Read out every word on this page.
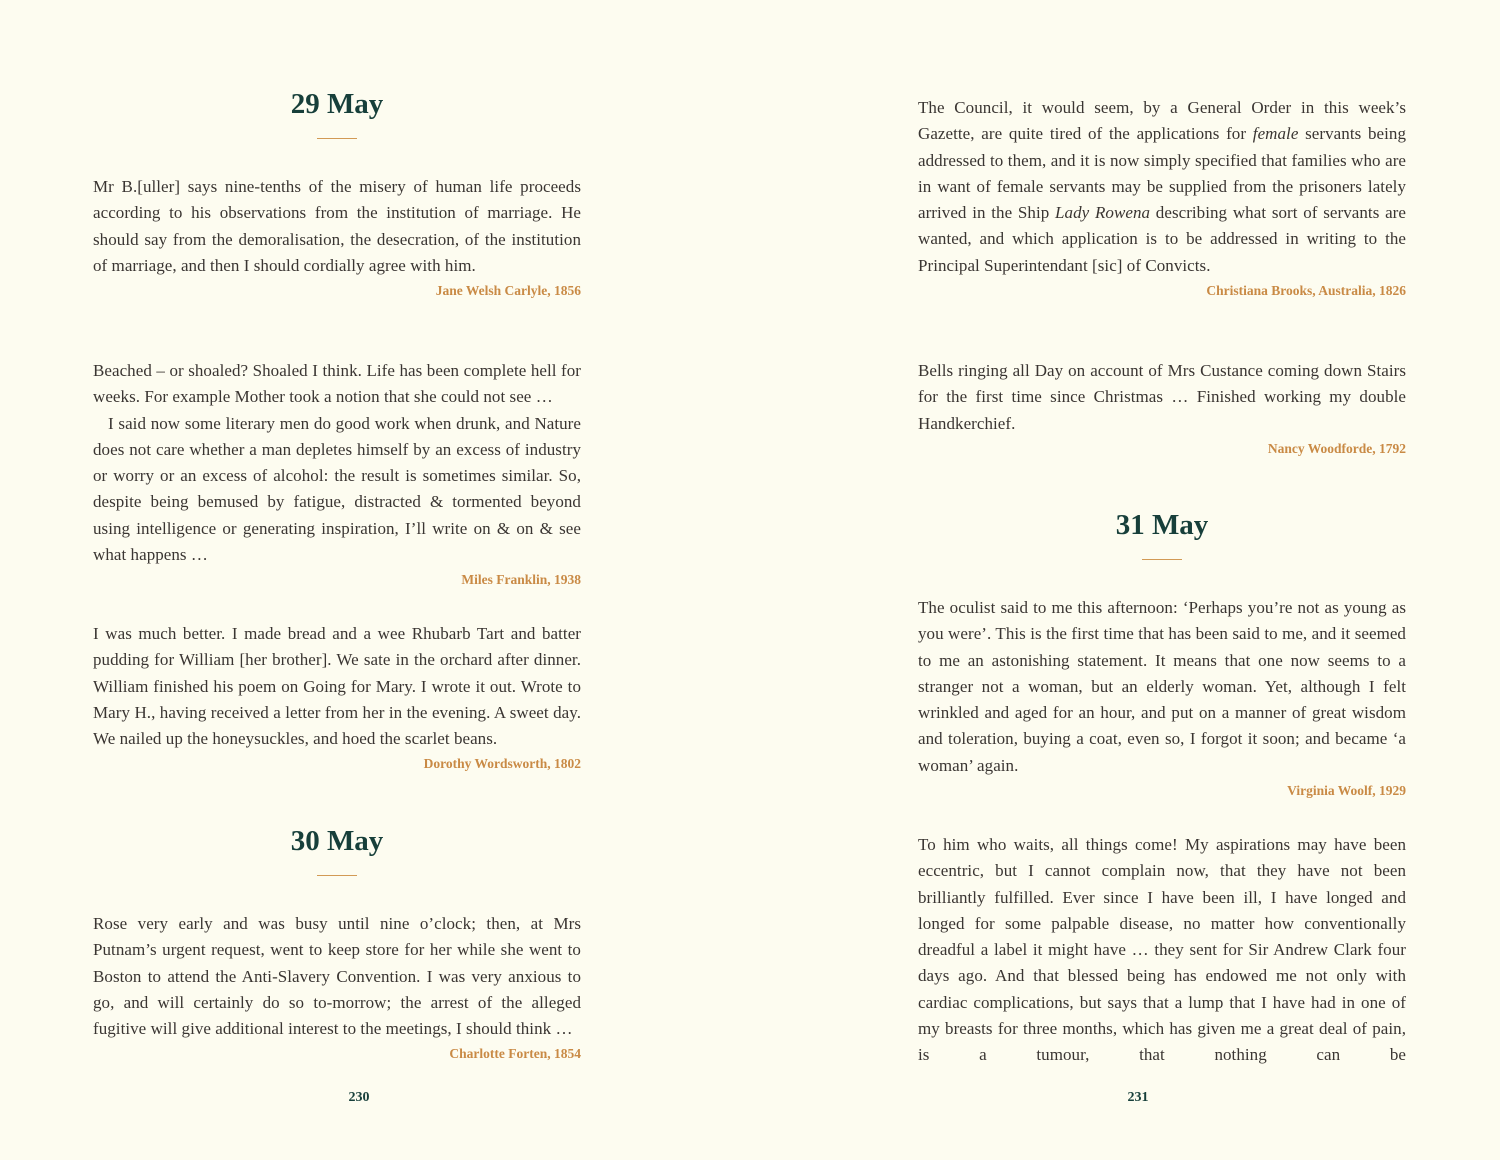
29 May
Mr B.[uller] says nine-tenths of the misery of human life proceeds according to his observations from the institution of marriage. He should say from the demoralisation, the desecration, of the institution of marriage, and then I should cordially agree with him.
Jane Welsh Carlyle, 1856

Beached – or shoaled? Shoaled I think. Life has been complete hell for weeks. For example Mother took a notion that she could not see …

I said now some literary men do good work when drunk, and Nature does not care whether a man depletes himself by an excess of industry or worry or an excess of alcohol: the result is sometimes similar. So, despite being bemused by fatigue, distracted & tormented beyond using intelligence or generating inspiration, I’ll write on & on & see what happens …

Miles Franklin, 1938
I was much better. I made bread and a wee Rhubarb Tart and batter pudding for William [her brother]. We sate in the orchard after dinner. William finished his poem on Going for Mary. I wrote it out. Wrote to Mary H., having received a letter from her in the evening. A sweet day. We nailed up the honeysuckles, and hoed the scarlet beans.
Dorothy Wordsworth, 1802
30 May
Rose very early and was busy until nine o’clock; then, at Mrs Putnam’s urgent request, went to keep store for her while she went to Boston to attend the Anti-Slavery Convention. I was very anxious to go, and will certainly do so to-morrow; the arrest of the alleged fugitive will give additional interest to the meetings, I should think …
Charlotte Forten, 1854
230
The Council, it would seem, by a General Order in this week’s Gazette, are quite tired of the applications for female servants being addressed to them, and it is now simply specified that families who are in want of female servants may be supplied from the prisoners lately arrived in the Ship Lady Rowena describing what sort of servants are wanted, and which application is to be addressed in writing to the Principal Superintendant [sic] of Convicts.
Christiana Brooks, Australia, 1826
Bells ringing all Day on account of Mrs Custance coming down Stairs for the first time since Christmas … Finished working my double Handkerchief.
Nancy Woodforde, 1792
31 May
The oculist said to me this afternoon: ‘Perhaps you’re not as young as you were’. This is the first time that has been said to me, and it seemed to me an astonishing statement. It means that one now seems to a stranger not a woman, but an elderly woman. Yet, although I felt wrinkled and aged for an hour, and put on a manner of great wisdom and toleration, buying a coat, even so, I forgot it soon; and became ‘a woman’ again.
Virginia Woolf, 1929
To him who waits, all things come! My aspirations may have been eccentric, but I cannot complain now, that they have not been brilliantly fulfilled. Ever since I have been ill, I have longed and longed for some palpable disease, no matter how conventionally dreadful a label it might have … they sent for Sir Andrew Clark four days ago. And that blessed being has endowed me not only with cardiac complications, but says that a lump that I have had in one of my breasts for three months, which has given me a great deal of pain, is a tumour, that nothing can be
231
